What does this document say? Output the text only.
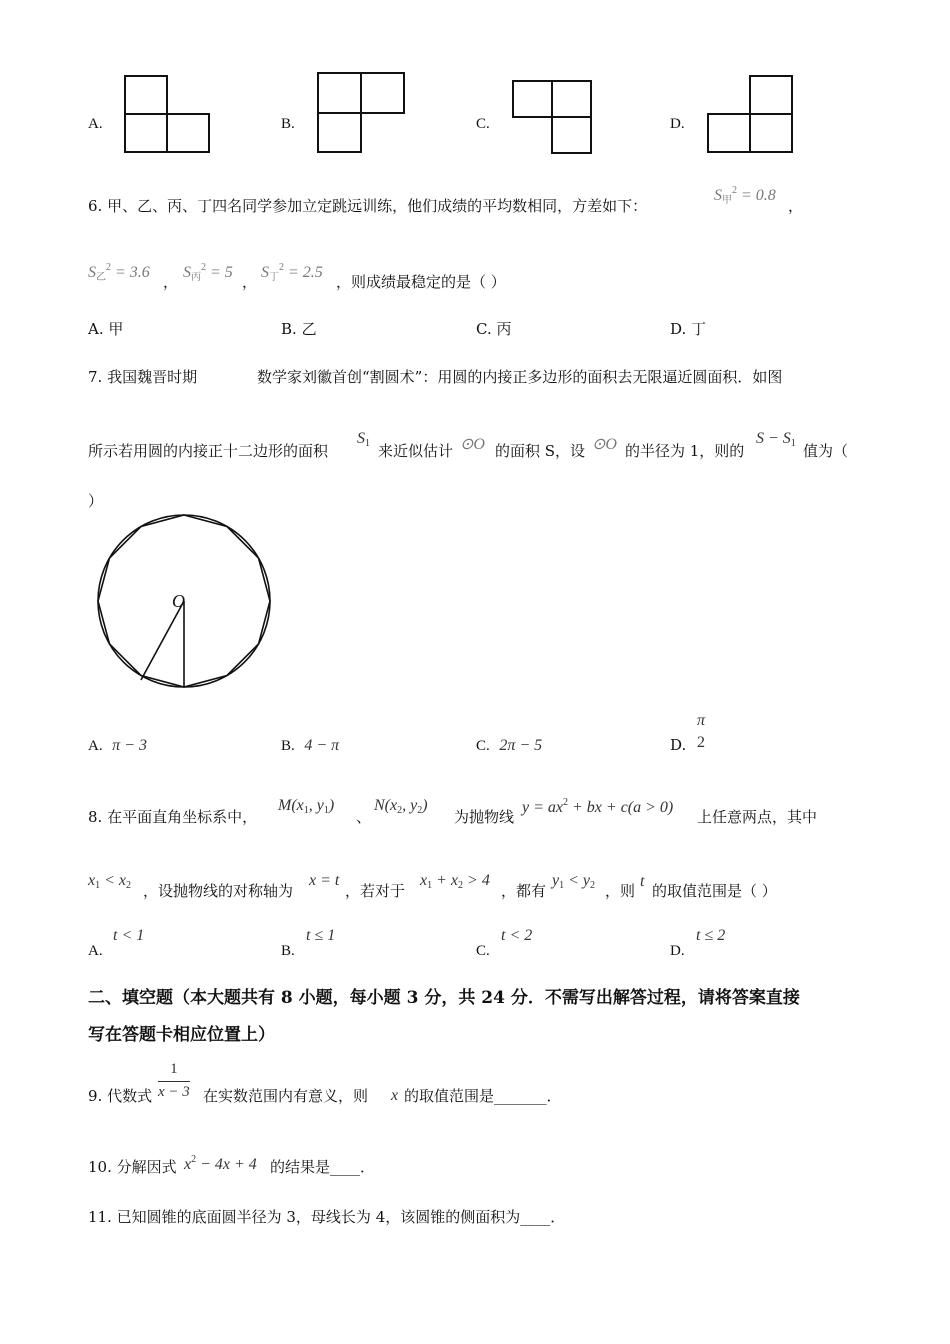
A.	B.	C.	D.
6. 甲、乙、丙、丁四名同学参加立定跳远训练，他们成绩的平均数相同，方差如下：
$S_甲^2 = 0.8$
，
$S_乙^2 = 3.6$
，
$S_丙^2 = 5$
，
$S_丁^2 = 2.5$
，则成绩最稳定的是（ ）
A. 甲	B. 乙	C. 丙	D. 丁
7. 我国魏晋时期	数学家刘徽首创“割圆术”：用圆的内接正多边形的面积去无限逼近圆面积．如图
所示若用圆的内接正十二边形的面积
$S_1$ 来近似估计 ⊙O 的面积 S，设 ⊙O 的半径为 1，则的
$S - S_1$ 值为（
）
O
A. π − 3	B. 4 − π	C. 2π − 5	D.
π
2
8. 在平面直角坐标系中，
$M(x_1$, $y_1$)
、
$N(x_2$, $y_2$)
为抛物线
$y = ax^2$ + bx + c(a > 0)
上任意两点，其中
$x_1 < x_2$ ，设抛物线的对称轴为
x = t
，若对于
$x_1 + x_2 > 4$
，都有
$y_1 < y_2$ ，则
t
的取值范围是（ ）
A.
t < 1
B.
t ≤ 1
C.
t < 2
D.
t ≤ 2
二、填空题（本大题共有 8 小题，每小题 3 分，共 24 分．不需写出解答过程，请将答案直接
写在答题卡相应位置上）
9. 代数式 $\frac{1}{x - 3}$ 在实数范围内有意义，则 x 的取值范围是_______．
10. 分解因式 $x^2 - 4x + 4$ 的结果是____．
11. 已知圆锥的底面圆半径为 3，母线长为 4，该圆锥的侧面积为____．
